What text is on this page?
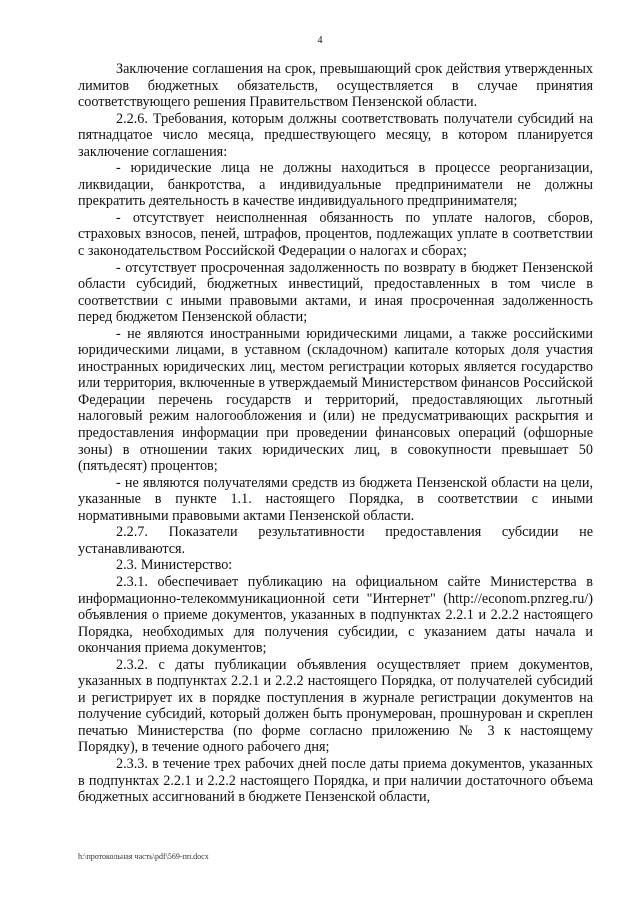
4

Заключение соглашения на срок, превышающий срок действия утвержденных лимитов бюджетных обязательств, осуществляется в случае принятия соответствующего решения Правительством Пензенской области.

2.2.6. Требования, которым должны соответствовать получатели субсидий на пятнадцатое число месяца, предшествующего месяцу, в котором планируется заключение соглашения:

- юридические лица не должны находиться в процессе реорганизации, ликвидации, банкротства, а индивидуальные предприниматели не должны прекратить деятельность в качестве индивидуального предпринимателя;

- отсутствует неисполненная обязанность по уплате налогов, сборов, страховых взносов, пеней, штрафов, процентов, подлежащих уплате в соответствии с законодательством Российской Федерации о налогах и сборах;

- отсутствует просроченная задолженность по возврату в бюджет Пензенской области субсидий, бюджетных инвестиций, предоставленных в том числе в соответствии с иными правовыми актами, и иная просроченная задолженность перед бюджетом Пензенской области;

- не являются иностранными юридическими лицами, а также российскими юридическими лицами, в уставном (складочном) капитале которых доля участия иностранных юридических лиц, местом регистрации которых является государство или территория, включенные в утверждаемый Министерством финансов Российской Федерации перечень государств и территорий, предоставляющих льготный налоговый режим налогообложения и (или) не предусматривающих раскрытия и предоставления информации при проведении финансовых операций (офшорные зоны) в отношении таких юридических лиц, в совокупности превышает 50 (пятьдесят) процентов;

- не являются получателями средств из бюджета Пензенской области на цели, указанные в пункте 1.1. настоящего Порядка, в соответствии с иными нормативными правовыми актами Пензенской области.

2.2.7. Показатели результативности предоставления субсидии не устанавливаются.

2.3. Министерство:

2.3.1. обеспечивает публикацию на официальном сайте Министерства в информационно-телекоммуникационной сети "Интернет" (http://econom.pnzreg.ru/) объявления о приеме документов, указанных в подпунктах 2.2.1 и 2.2.2 настоящего Порядка, необходимых для получения субсидии, с указанием даты начала и окончания приема документов;

2.3.2. с даты публикации объявления осуществляет прием документов, указанных в подпунктах 2.2.1 и 2.2.2 настоящего Порядка, от получателей субсидий и регистрирует их в порядке поступления в журнале регистрации документов на получение субсидий, который должен быть пронумерован, прошнурован и скреплен печатью Министерства (по форме согласно приложению № 3 к настоящему Порядку), в течение одного рабочего дня;

2.3.3. в течение трех рабочих дней после даты приема документов, указанных в подпунктах 2.2.1 и 2.2.2 настоящего Порядка, и при наличии достаточного объема бюджетных ассигнований в бюджете Пензенской области,

h:\протокольная часть\pdf\569-пп.docx
